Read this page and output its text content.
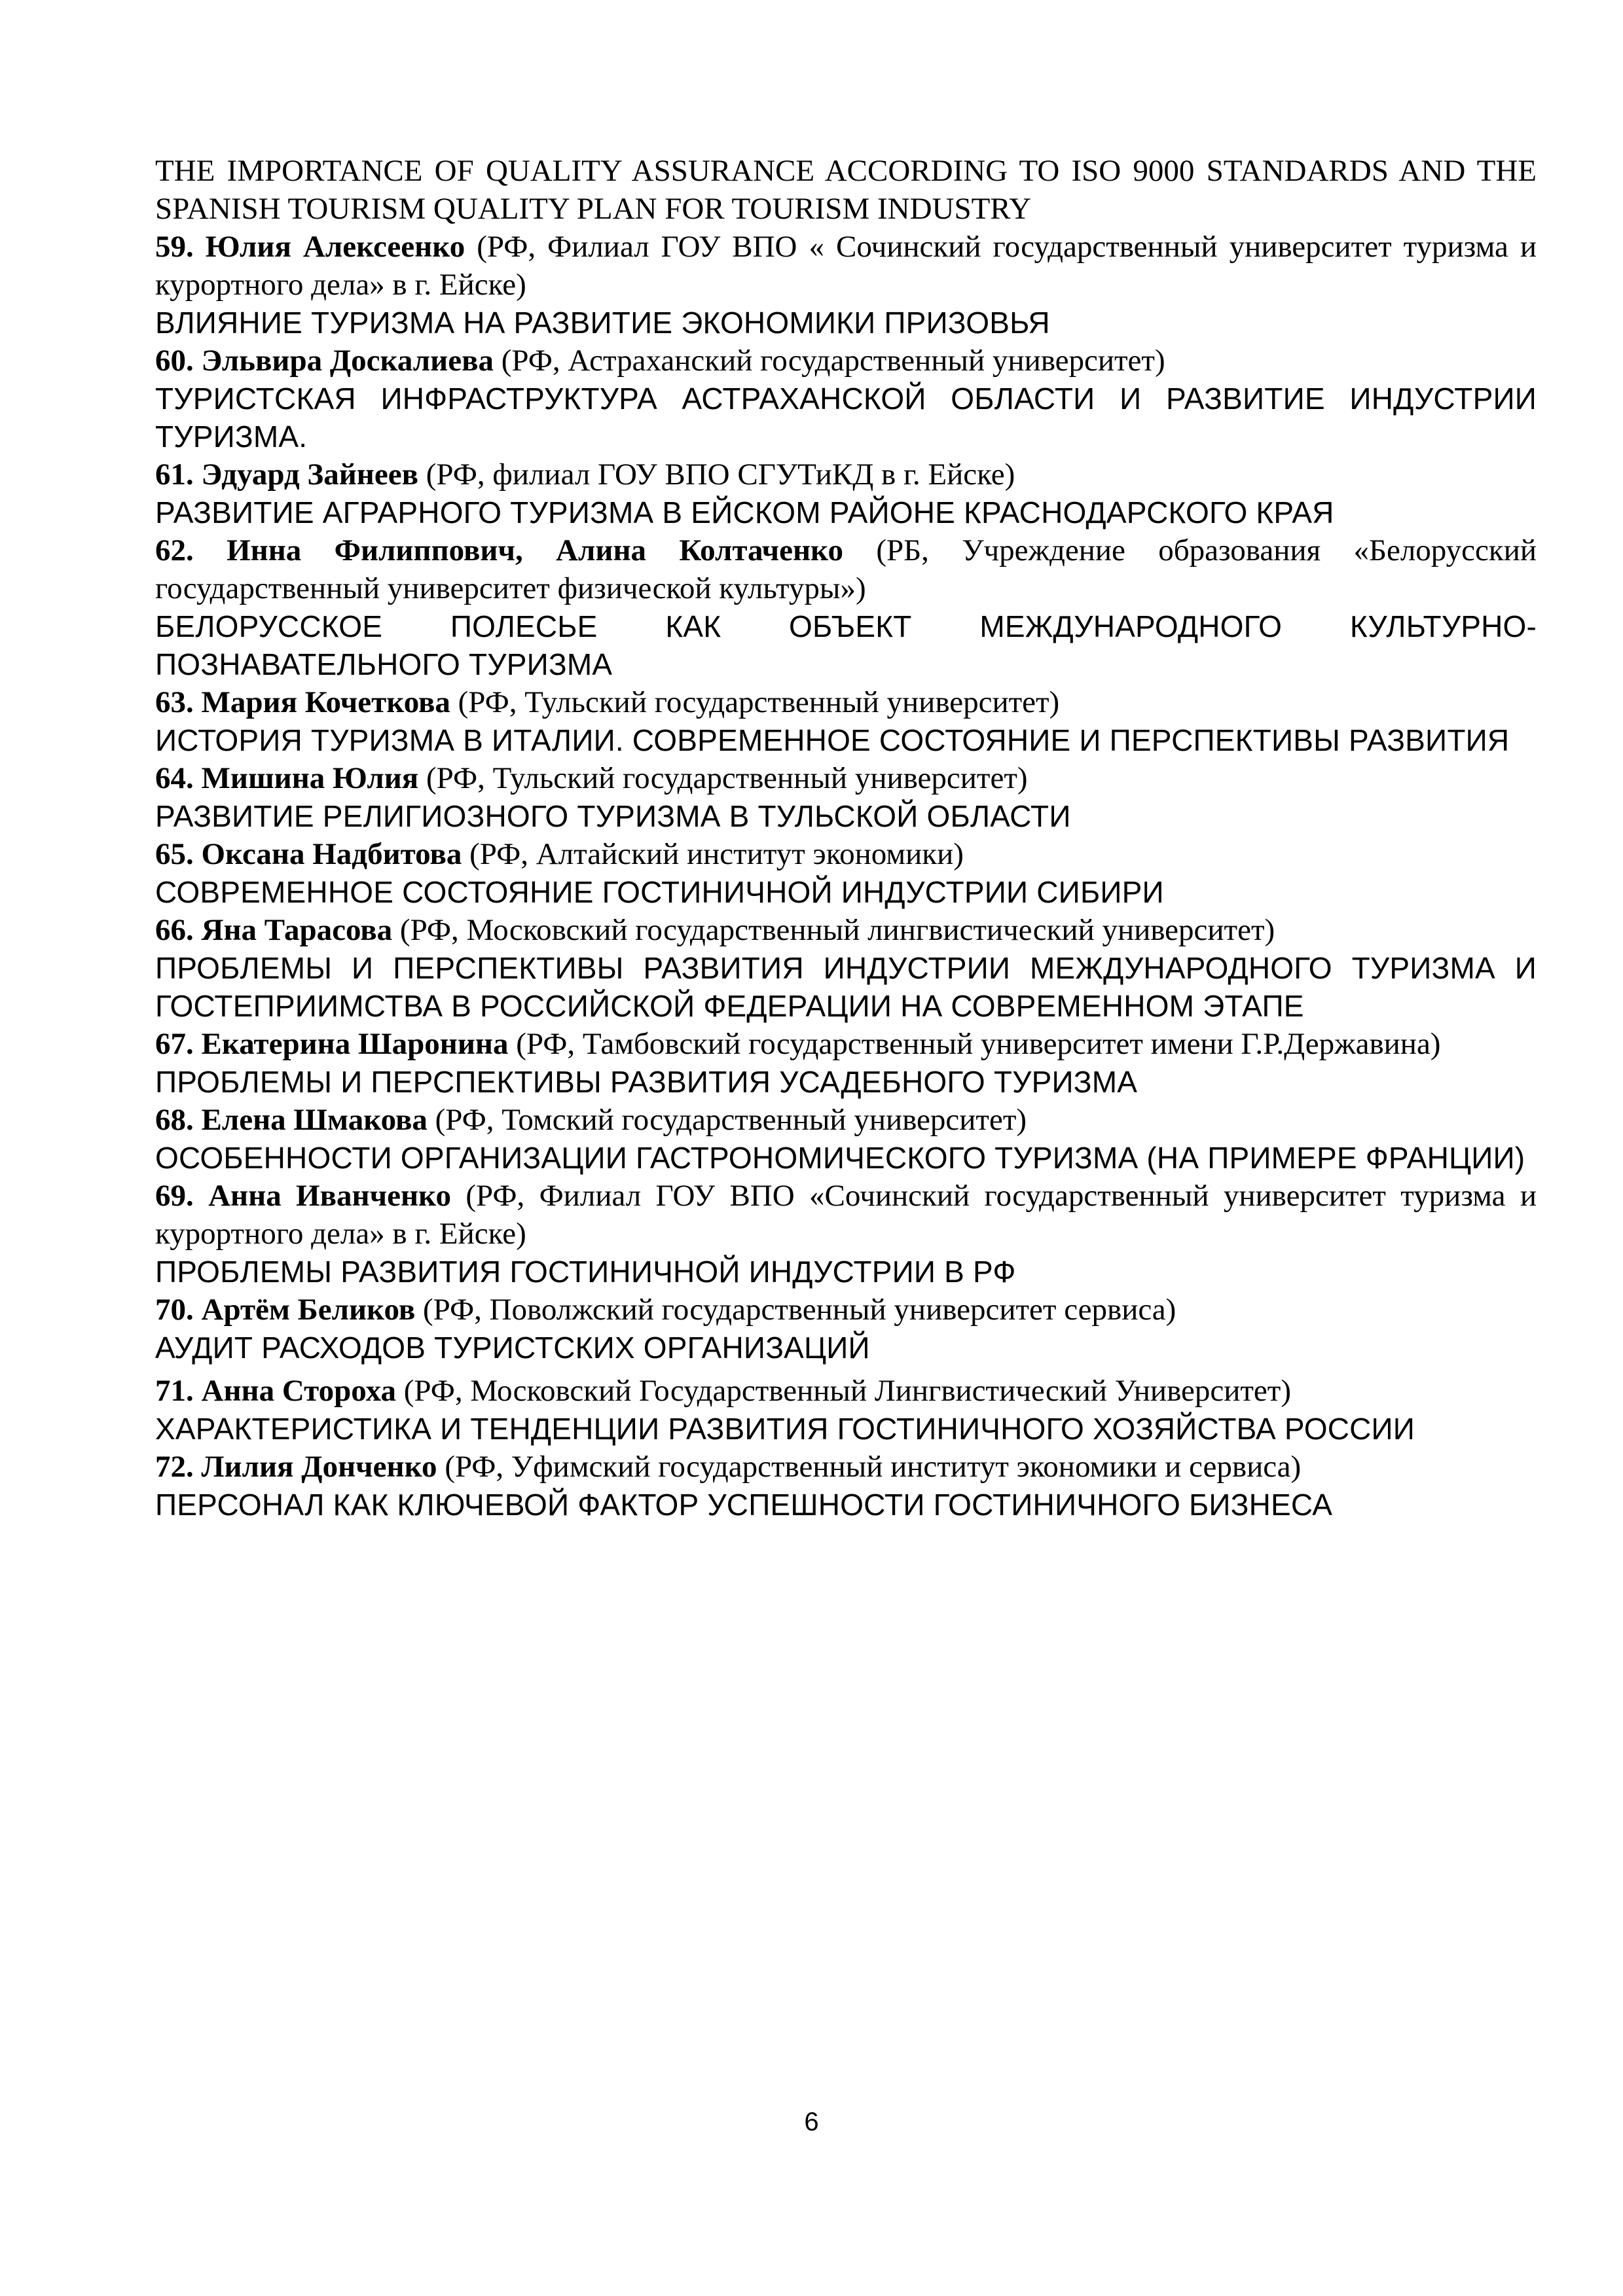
THE IMPORTANCE OF QUALITY ASSURANCE ACCORDING TO ISO 9000 STANDARDS AND THE SPANISH TOURISM QUALITY PLAN FOR TOURISM INDUSTRY

59. Юлия Алексеенко (РФ, Филиал ГОУ ВПО « Сочинский государственный университет туризма и курортного дела» в г. Ейске)

ВЛИЯНИЕ ТУРИЗМА НА РАЗВИТИЕ ЭКОНОМИКИ ПРИЗОВЬЯ

60. Эльвира Доскалиева (РФ, Астраханский государственный университет)

ТУРИСТСКАЯ ИНФРАСТРУКТУРА АСТРАХАНСКОЙ ОБЛАСТИ И РАЗВИТИЕ ИНДУСТРИИ ТУРИЗМА.

61. Эдуард Зайнеев (РФ, филиал ГОУ ВПО СГУТиКД в г. Ейске)

РАЗВИТИЕ АГРАРНОГО ТУРИЗМА В ЕЙСКОМ РАЙОНЕ КРАСНОДАРСКОГО КРАЯ

62. Инна Филиппович, Алина Колтаченко (РБ, Учреждение образования «Белорусский государственный университет физической культуры»)

БЕЛОРУССКОЕ ПОЛЕСЬЕ КАК ОБЪЕКТ МЕЖДУНАРОДНОГО КУЛЬТУРНО-ПОЗНАВАТЕЛЬНОГО ТУРИЗМА

63. Мария Кочеткова (РФ, Тульский государственный университет)

ИСТОРИЯ ТУРИЗМА В ИТАЛИИ. СОВРЕМЕННОЕ СОСТОЯНИЕ И ПЕРСПЕКТИВЫ РАЗВИТИЯ

64. Мишина Юлия (РФ, Тульский государственный университет)

РАЗВИТИЕ РЕЛИГИОЗНОГО ТУРИЗМА В ТУЛЬСКОЙ ОБЛАСТИ

65. Оксана Надбитова (РФ, Алтайский институт экономики)

СОВРЕМЕННОЕ СОСТОЯНИЕ ГОСТИНИЧНОЙ ИНДУСТРИИ СИБИРИ

66. Яна Тарасова (РФ, Московский государственный лингвистический университет)

ПРОБЛЕМЫ И ПЕРСПЕКТИВЫ РАЗВИТИЯ ИНДУСТРИИ МЕЖДУНАРОДНОГО ТУРИЗМА И ГОСТЕПРИИМСТВА В РОССИЙСКОЙ ФЕДЕРАЦИИ НА СОВРЕМЕННОМ ЭТАПЕ

67. Екатерина Шаронина (РФ, Тамбовский государственный университет имени Г.Р.Державина)

ПРОБЛЕМЫ И ПЕРСПЕКТИВЫ РАЗВИТИЯ УСАДЕБНОГО ТУРИЗМА

68. Елена Шмакова (РФ, Томский государственный университет)

ОСОБЕННОСТИ ОРГАНИЗАЦИИ ГАСТРОНОМИЧЕСКОГО ТУРИЗМА (НА ПРИМЕРЕ ФРАНЦИИ)

69. Анна Иванченко (РФ, Филиал ГОУ ВПО «Сочинский государственный университет туризма и курортного дела» в г. Ейске)

ПРОБЛЕМЫ РАЗВИТИЯ ГОСТИНИЧНОЙ ИНДУСТРИИ В РФ

70. Артём Беликов (РФ, Поволжский государственный университет сервиса)

АУДИТ РАСХОДОВ ТУРИСТСКИХ ОРГАНИЗАЦИЙ

71. Анна Стороха (РФ, Московский Государственный Лингвистический Университет)

ХАРАКТЕРИСТИКА И ТЕНДЕНЦИИ РАЗВИТИЯ ГОСТИНИЧНОГО ХОЗЯЙСТВА РОССИИ

72. Лилия Донченко (РФ, Уфимский государственный институт экономики и сервиса)

ПЕРСОНАЛ КАК КЛЮЧЕВОЙ ФАКТОР УСПЕШНОСТИ ГОСТИНИЧНОГО БИЗНЕСА

6
